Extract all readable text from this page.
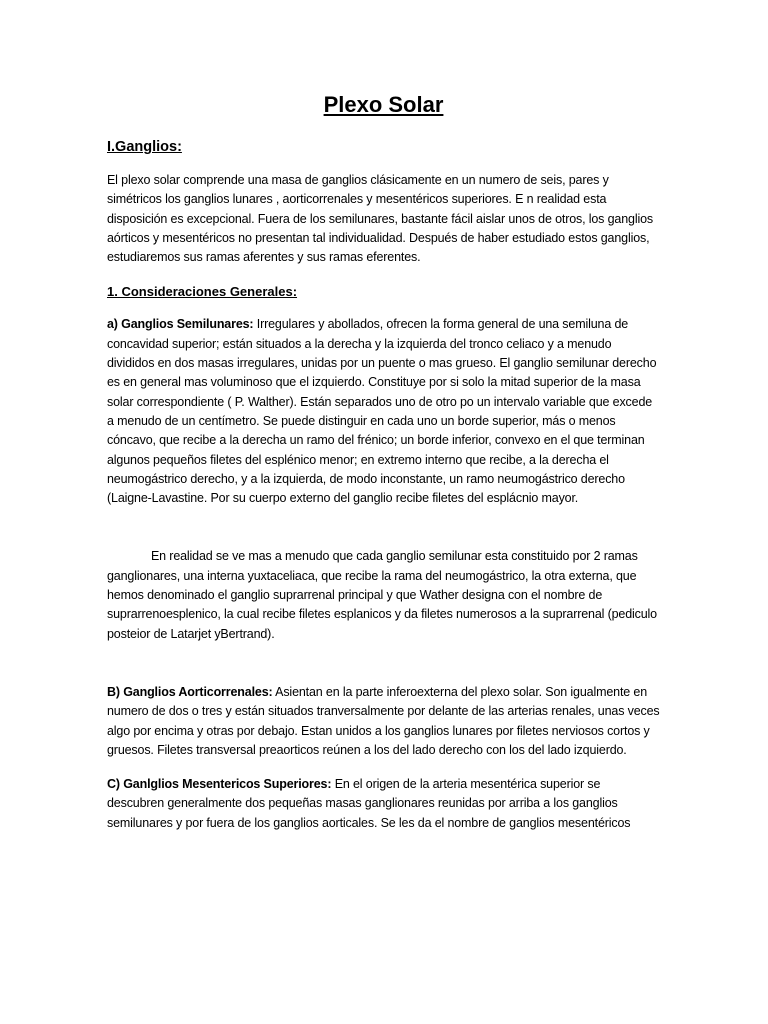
Plexo Solar
I.Ganglios:

El plexo solar comprende una masa de ganglios clásicamente en un numero de seis, pares y simétricos los ganglios lunares , aorticorrenales y mesentéricos superiores. E n realidad esta disposición es excepcional. Fuera de los semilunares, bastante fácil aislar unos de otros, los ganglios aórticos y mesentéricos no presentan tal individualidad. Después de haber estudiado estos ganglios, estudiaremos sus ramas aferentes y sus ramas eferentes.

1. Consideraciones Generales:

a) Ganglios Semilunares: Irregulares y abollados, ofrecen la forma general de una semiluna de concavidad superior; están situados a la derecha y la izquierda del tronco celiaco y a menudo divididos en dos masas irregulares, unidas por un puente o mas grueso. El ganglio semilunar derecho es en general mas voluminoso que el izquierdo. Constituye por si solo la mitad superior de la masa solar correspondiente ( P. Walther). Están separados uno de otro po un intervalo variable que excede a menudo de un centímetro. Se puede distinguir en cada uno un borde superior, más o menos cóncavo, que recibe a la derecha un ramo del frénico; un borde inferior, convexo en el que terminan algunos pequeños filetes del esplénico menor; en extremo interno que recibe, a la derecha el neumogástrico derecho, y a la izquierda, de modo inconstante, un ramo neumogástrico derecho (Laigne-Lavastine. Por su cuerpo externo del ganglio recibe filetes del esplácnio mayor.

En realidad se ve mas a menudo que cada ganglio semilunar esta constituido por 2 ramas ganglionares, una interna yuxtaceliaca, que recibe la rama del neumogástrico, la otra externa, que hemos denominado el ganglio suprarrenal principal y que Wather designa con el nombre de suprarrenoesplenico, la cual recibe filetes esplanicos y da filetes numerosos a la suprarrenal (pediculo posteior de Latarjet yBertrand).

B) Ganglios Aorticorrenales: Asientan en la parte inferoexterna del plexo solar. Son igualmente en numero de dos o tres y están situados tranversalmente por delante de las arterias renales, unas veces algo por encima y otras por debajo. Estan unidos a los ganglios lunares por filetes nerviosos cortos y gruesos. Filetes transversal preaorticos reúnen a los del lado derecho con los del lado izquierdo.

C) Ganlglios Mesentericos Superiores: En el origen de la arteria mesentérica superior se descubren generalmente dos pequeñas masas ganglionares reunidas por arriba a los ganglios semilunares y por fuera de los ganglios aorticales. Se les da el nombre de ganglios mesentéricos
